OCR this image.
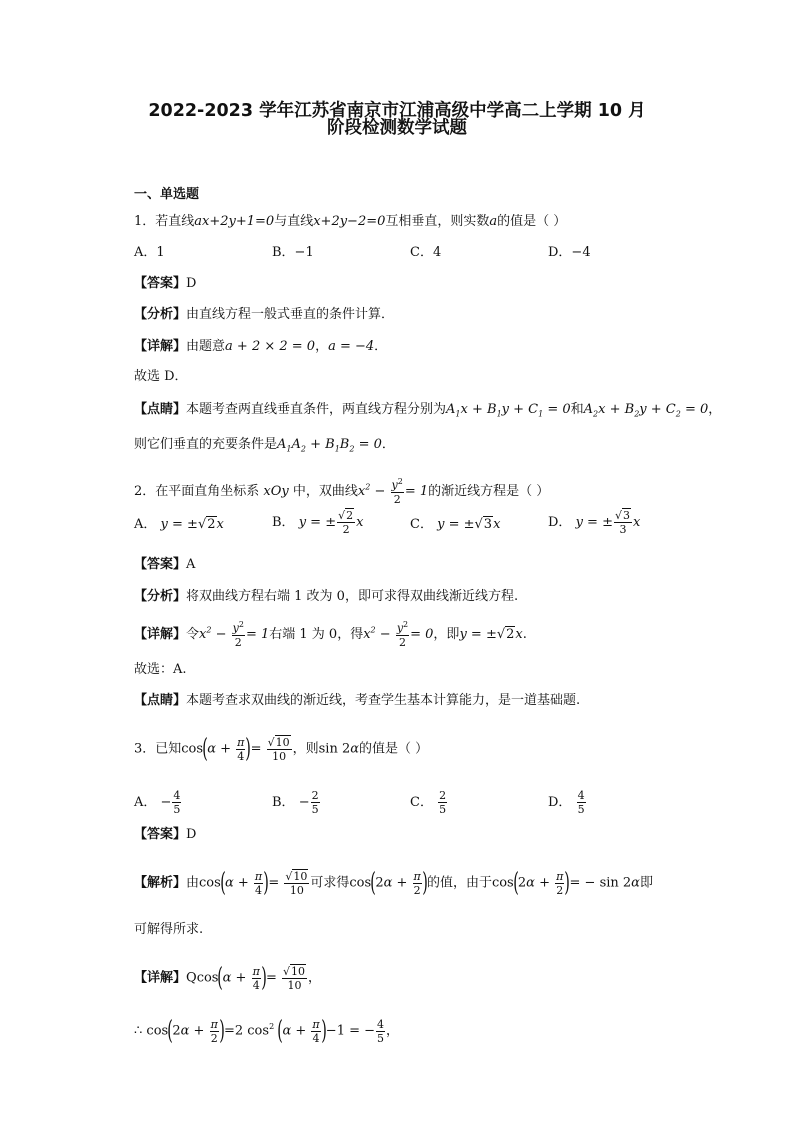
2022-2023 学年江苏省南京市江浦高级中学高二上学期 10 月
阶段检测数学试题
一、单选题
1．若直线ax+2y+1=0与直线x+2y−2=0互相垂直，则实数a的值是（ ）
A．1	B．−1	C．4	D．−4
【答案】D
【分析】由直线方程一般式垂直的条件计算．
【详解】由题意a + 2 × 2 = 0，a = −4．
故选 D．
【点睛】本题考查两直线垂直条件，两直线方程分别为$A_1x + B_1y + C_1 = 0$和$A_2x + B_2y + C_2 = 0$，
则它们垂直的充要条件是$A_1A_2 + B_1B_2 = 0$．
2．在平面直角坐标系 xOy 中，双曲线$x^2 - \frac{y^2}{2} = 1$的渐近线方程是（ ）
A． y = ±√2x	B． y = ± $\frac{√2}{2}$ x	C． y = ±√3x	D． y = ± $\frac{√3}{3}$ x
【答案】A
【分析】将双曲线方程右端 1 改为 0，即可求得双曲线渐近线方程.
【详解】令$x^2 - \frac{y^2}{2} = 1$右端 1 为 0，得$x^2 - \frac{y^2}{2} = 0$，即y = ±√2x.
故选：A.
【点睛】本题考查求双曲线的渐近线，考查学生基本计算能力，是一道基础题.
3．已知$\cos(\alpha + \frac{\pi}{4}$ )= $\frac{√10}{10}$ ，则sin 2α的值是（ ）
A． − $\frac{4}{5}$	B． − $\frac{2}{5}$	C． $\frac{2}{5}$	D． $\frac{4}{5}$
【答案】D
【解析】由$\cos(\alpha + \frac{\pi}{4}$ )= $\frac{√10}{10}$ 可求得$\cos(2\alpha + \frac{\pi}{2}$ )的值，由于$\cos(2\alpha + \frac{\pi}{2}$ )= − sin 2α即
可解得所求.
【详解】$Qcos(\alpha + \frac{\pi}{4}$ )= $\frac{√10}{10}$ ，
∴ $\cos(2\alpha + \frac{\pi}{2} )=2$ $\cos^2 (\alpha + \frac{\pi}{4} )-1$ = − $\frac{4}{5}$ ，
